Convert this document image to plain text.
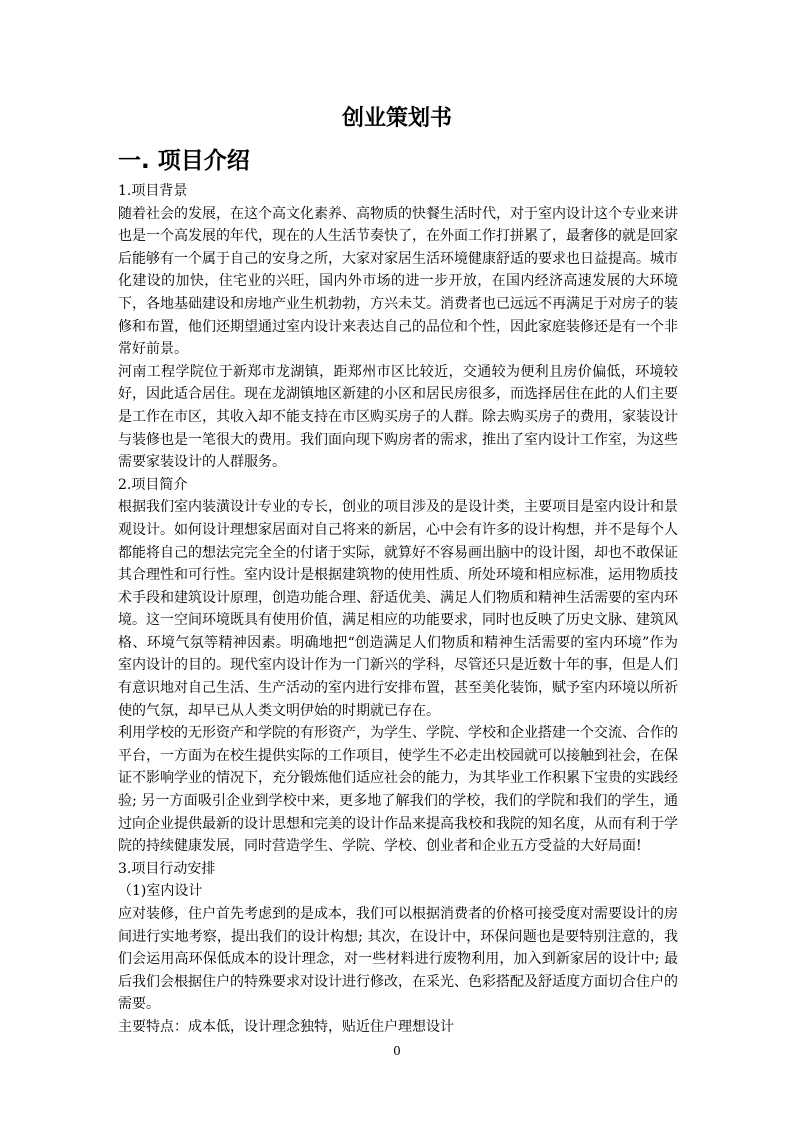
创业策划书
一. 项目介绍

1.项目背景

随着社会的发展，在这个高文化素养、高物质的快餐生活时代，对于室内设计这个专业来讲也是一个高发展的年代，现在的人生活节奏快了，在外面工作打拼累了，最奢侈的就是回家后能够有一个属于自己的安身之所，大家对家居生活环境健康舒适的要求也日益提高。城市化建设的加快，住宅业的兴旺，国内外市场的进一步开放，在国内经济高速发展的大环境下，各地基础建设和房地产业生机勃勃，方兴未艾。消费者也已远远不再满足于对房子的装修和布置，他们还期望通过室内设计来表达自己的品位和个性，因此家庭装修还是有一个非常好前景。

河南工程学院位于新郑市龙湖镇，距郑州市区比较近，交通较为便利且房价偏低，环境较好，因此适合居住。现在龙湖镇地区新建的小区和居民房很多，而选择居住在此的人们主要是工作在市区，其收入却不能支持在市区购买房子的人群。除去购买房子的费用，家装设计与装修也是一笔很大的费用。我们面向现下购房者的需求，推出了室内设计工作室，为这些需要家装设计的人群服务。

2.项目简介

根据我们室内装潢设计专业的专长，创业的项目涉及的是设计类，主要项目是室内设计和景观设计。如何设计理想家居面对自己将来的新居，心中会有许多的设计构想，并不是每个人都能将自己的想法完完全全的付诸于实际，就算好不容易画出脑中的设计图，却也不敢保证其合理性和可行性。室内设计是根据建筑物的使用性质、所处环境和相应标准，运用物质技术手段和建筑设计原理，创造功能合理、舒适优美、满足人们物质和精神生活需要的室内环境。这一空间环境既具有使用价值，满足相应的功能要求，同时也反映了历史文脉、建筑风格、环境气氛等精神因素。明确地把“创造满足人们物质和精神生活需要的室内环境”作为室内设计的目的。现代室内设计作为一门新兴的学科，尽管还只是近数十年的事，但是人们有意识地对自己生活、生产活动的室内进行安排布置，甚至美化装饰，赋予室内环境以所祈使的气氛，却早已从人类文明伊始的时期就已存在。

利用学校的无形资产和学院的有形资产，为学生、学院、学校和企业搭建一个交流、合作的平台，一方面为在校生提供实际的工作项目，使学生不必走出校园就可以接触到社会，在保证不影响学业的情况下，充分锻炼他们适应社会的能力，为其毕业工作积累下宝贵的实践经验; 另一方面吸引企业到学校中来，更多地了解我们的学校，我们的学院和我们的学生，通过向企业提供最新的设计思想和完美的设计作品来提高我校和我院的知名度，从而有利于学院的持续健康发展，同时营造学生、学院、学校、创业者和企业五方受益的大好局面!

3.项目行动安排

（1)室内设计

应对装修，住户首先考虑到的是成本，我们可以根据消费者的价格可接受度对需要设计的房间进行实地考察，提出我们的设计构想; 其次，在设计中，环保问题也是要特别注意的，我们会运用高环保低成本的设计理念，对一些材料进行废物利用，加入到新家居的设计中; 最后我们会根据住户的特殊要求对设计进行修改，在采光、色彩搭配及舒适度方面切合住户的需要。

主要特点：成本低，设计理念独特，贴近住户理想设计

0
